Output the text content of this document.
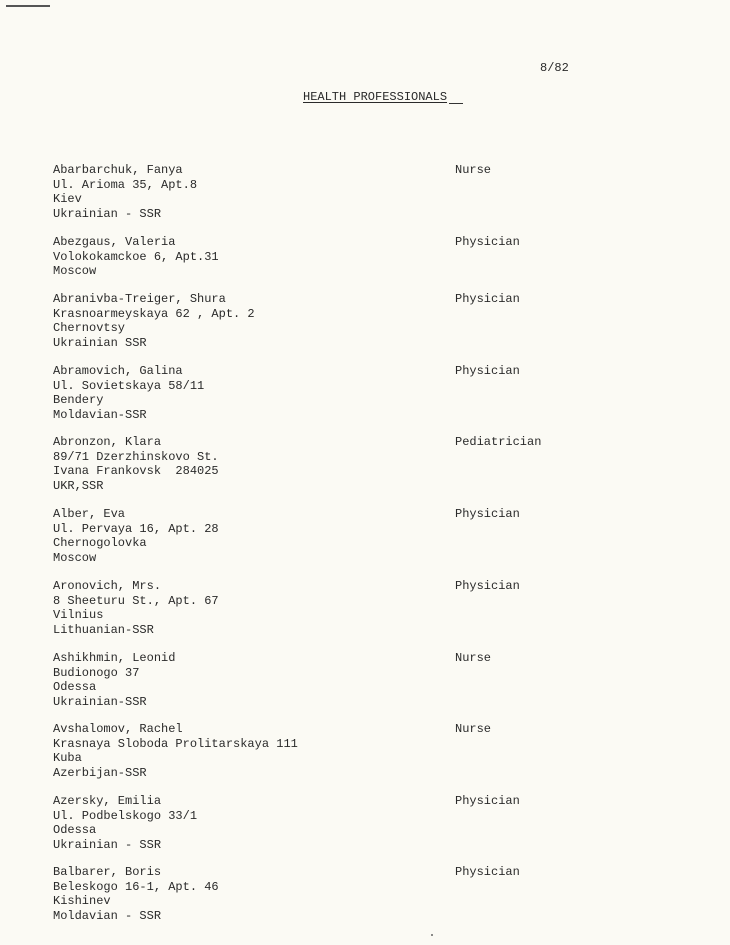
8/82
HEALTH PROFESSIONALS
Abarbarchuk, Fanya
Ul. Arioma 35, Apt.8
Kiev
Ukrainian - SSR
Nurse
Abezgaus, Valeria
Volokokamckoe 6, Apt.31
Moscow
Physician
Abranivba-Treiger, Shura
Krasnoarmeyskaya 62 , Apt. 2
Chernovtsy
Ukrainian SSR
Physician
Abramovich, Galina
Ul. Sovietskaya 58/11
Bendery
Moldavian-SSR
Physician
Abronzon, Klara
89/71 Dzerzhinskovo St.
Ivana Frankovsk  284025
UKR,SSR
Pediatrician
Alber, Eva
Ul. Pervaya 16, Apt. 28
Chernogolovka
Moscow
Physician
Aronovich, Mrs.
8 Sheeturu St., Apt. 67
Vilnius
Lithuanian-SSR
Physician
Ashikhmin, Leonid
Budionogo 37
Odessa
Ukrainian-SSR
Nurse
Avshalomov, Rachel
Krasnaya Sloboda Prolitarskaya 111
Kuba
Azerbijan-SSR
Nurse
Azersky, Emilia
Ul. Podbelskogo 33/1
Odessa
Ukrainian - SSR
Physician
Balbarer, Boris
Beleskogo 16-1, Apt. 46
Kishinev
Moldavian - SSR
Physician
